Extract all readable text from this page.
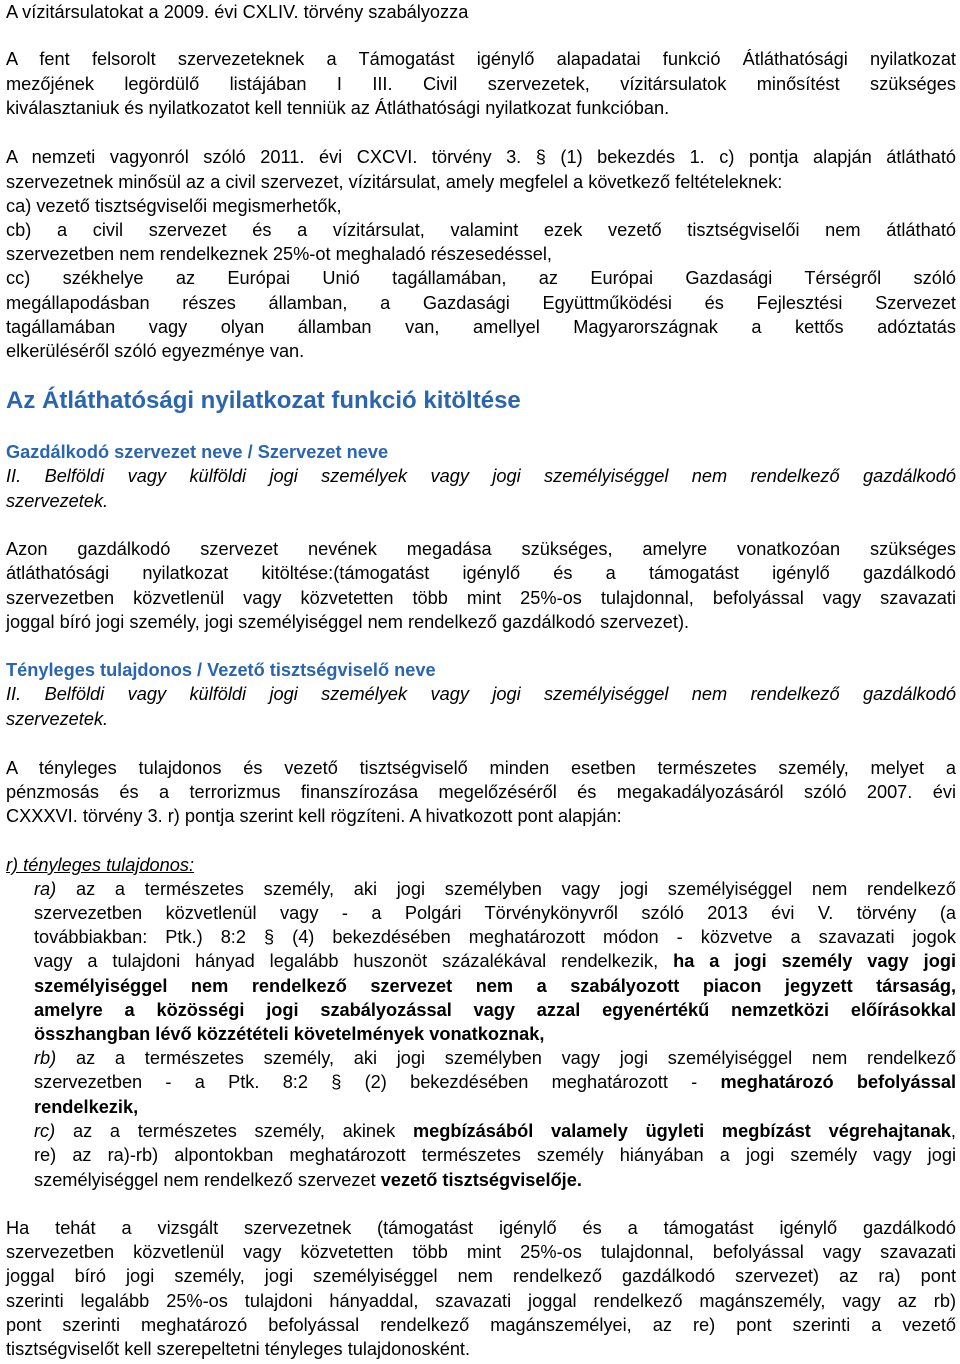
A vízitársulatokat a 2009. évi CXLIV. törvény szabályozza
A fent felsorolt szervezeteknek a Támogatást igénylő alapadatai funkció Átláthatósági nyilatkozat
mezőjének legördülő listájában I III. Civil szervezetek, vízitársulatok minősítést szükséges
kiválasztaniuk és nyilatkozatot kell tenniük az Átláthatósági nyilatkozat funkcióban.
A nemzeti vagyonról szóló 2011. évi CXCVI. törvény 3. § (1) bekezdés 1. c) pontja alapján átlátható
szervezetnek minősül az a civil szervezet, vízitársulat, amely megfelel a következő feltételeknek:
ca) vezető tisztségviselői megismerhetők,
cb) a civil szervezet és a vízitársulat, valamint ezek vezető tisztségviselői nem átlátható
szervezetben nem rendelkeznek 25%-ot meghaladó részesedéssel,
cc) székhelye az Európai Unió tagállamában, az Európai Gazdasági Térségről szóló
megállapodásban részes államban, a Gazdasági Együttműködési és Fejlesztési Szervezet
tagállamában vagy olyan államban van, amellyel Magyarországnak a kettős adóztatás
elkerüléséről szóló egyezménye van.
Az Átláthatósági nyilatkozat funkció kitöltése
Gazdálkodó szervezet neve / Szervezet neve
II. Belföldi vagy külföldi jogi személyek vagy jogi személyiséggel nem rendelkező gazdálkodó
szervezetek.
Azon gazdálkodó szervezet nevének megadása szükséges, amelyre vonatkozóan szükséges
átláthatósági nyilatkozat kitöltése:(támogatást igénylő és a támogatást igénylő gazdálkodó
szervezetben közvetlenül vagy közvetetten több mint 25%-os tulajdonnal, befolyással vagy szavazati
joggal bíró jogi személy, jogi személyiséggel nem rendelkező gazdálkodó szervezet).
Tényleges tulajdonos / Vezető tisztségviselő neve
II. Belföldi vagy külföldi jogi személyek vagy jogi személyiséggel nem rendelkező gazdálkodó
szervezetek.
A tényleges tulajdonos és vezető tisztségviselő minden esetben természetes személy, melyet a
pénzmosás és a terrorizmus finanszírozása megelőzéséről és megakadályozásáról szóló 2007. évi
CXXXVI. törvény 3. r) pontja szerint kell rögzíteni. A hivatkozott pont alapján:
r) tényleges tulajdonos:
ra) az a természetes személy, aki jogi személyben vagy jogi személyiséggel nem rendelkező
szervezetben közvetlenül vagy - a Polgári Törvénykönyvről szóló 2013 évi V. törvény (a
továbbiakban: Ptk.) 8:2 § (4) bekezdésében meghatározott módon - közvetve a szavazati jogok
vagy a tulajdoni hányad legalább huszonöt százalékával rendelkezik, ha a jogi személy vagy jogi
személyiséggel nem rendelkező szervezet nem a szabályozott piacon jegyzett társaság,
amelyre a közösségi jogi szabályozással vagy azzal egyenértékű nemzetközi előírásokkal
összhangban lévő közzétételi követelmények vonatkoznak,
rb) az a természetes személy, aki jogi személyben vagy jogi személyiséggel nem rendelkező
szervezetben - a Ptk. 8:2 § (2) bekezdésében meghatározott - meghatározó befolyással
rendelkezik,
rc) az a természetes személy, akinek megbízásából valamely ügyleti megbízást végrehajtanak,
re) az ra)-rb) alpontokban meghatározott természetes személy hiányában a jogi személy vagy jogi
személyiséggel nem rendelkező szervezet vezető tisztségviselője.
Ha tehát a vizsgált szervezetnek (támogatást igénylő és a támogatást igénylő gazdálkodó
szervezetben közvetlenül vagy közvetetten több mint 25%-os tulajdonnal, befolyással vagy szavazati
joggal bíró jogi személy, jogi személyiséggel nem rendelkező gazdálkodó szervezet) az ra) pont
szerinti legalább 25%-os tulajdoni hányaddal, szavazati joggal rendelkező magánszemély, vagy az rb)
pont szerinti meghatározó befolyással rendelkező magánszemélyei, az re) pont szerinti a vezető
tisztségviselőt kell szerepeltetni tényleges tulajdonosként.
